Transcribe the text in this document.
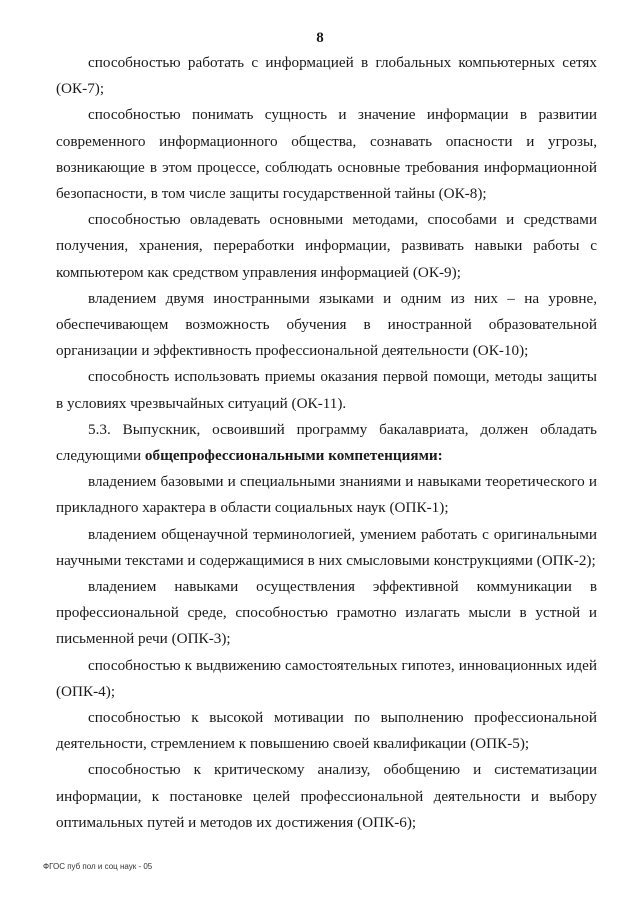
8

способностью работать с информацией в глобальных компьютерных сетях (ОК-7);

способностью понимать сущность и значение информации в развитии современного информационного общества, сознавать опасности и угрозы, возникающие в этом процессе, соблюдать основные требования информационной безопасности, в том числе защиты государственной тайны (ОК-8);

способностью овладевать основными методами, способами и средствами получения, хранения, переработки информации, развивать навыки работы с компьютером как средством управления информацией (ОК-9);

владением двумя иностранными языками и одним из них – на уровне, обеспечивающем возможность обучения в иностранной образовательной организации и эффективность профессиональной деятельности (ОК-10);

способность использовать приемы оказания первой помощи, методы защиты в условиях чрезвычайных ситуаций (ОК-11).

5.3. Выпускник, освоивший программу бакалавриата, должен обладать следующими общепрофессиональными компетенциями:

владением базовыми и специальными знаниями и навыками теоретического и прикладного характера в области социальных наук (ОПК-1);

владением общенаучной терминологией, умением работать с оригинальными научными текстами и содержащимися в них смысловыми конструкциями (ОПК-2);

владением навыками осуществления эффективной коммуникации в профессиональной среде, способностью грамотно излагать мысли в устной и письменной речи (ОПК-3);

способностью к выдвижению самостоятельных гипотез, инновационных идей (ОПК-4);

способностью к высокой мотивации по выполнению профессиональной деятельности, стремлением к повышению своей квалификации (ОПК-5);

способностью к критическому анализу, обобщению и систематизации информации, к постановке целей профессиональной деятельности и выбору оптимальных путей и методов их достижения (ОПК-6);

ФГОС пуб пол и соц наук - 05
